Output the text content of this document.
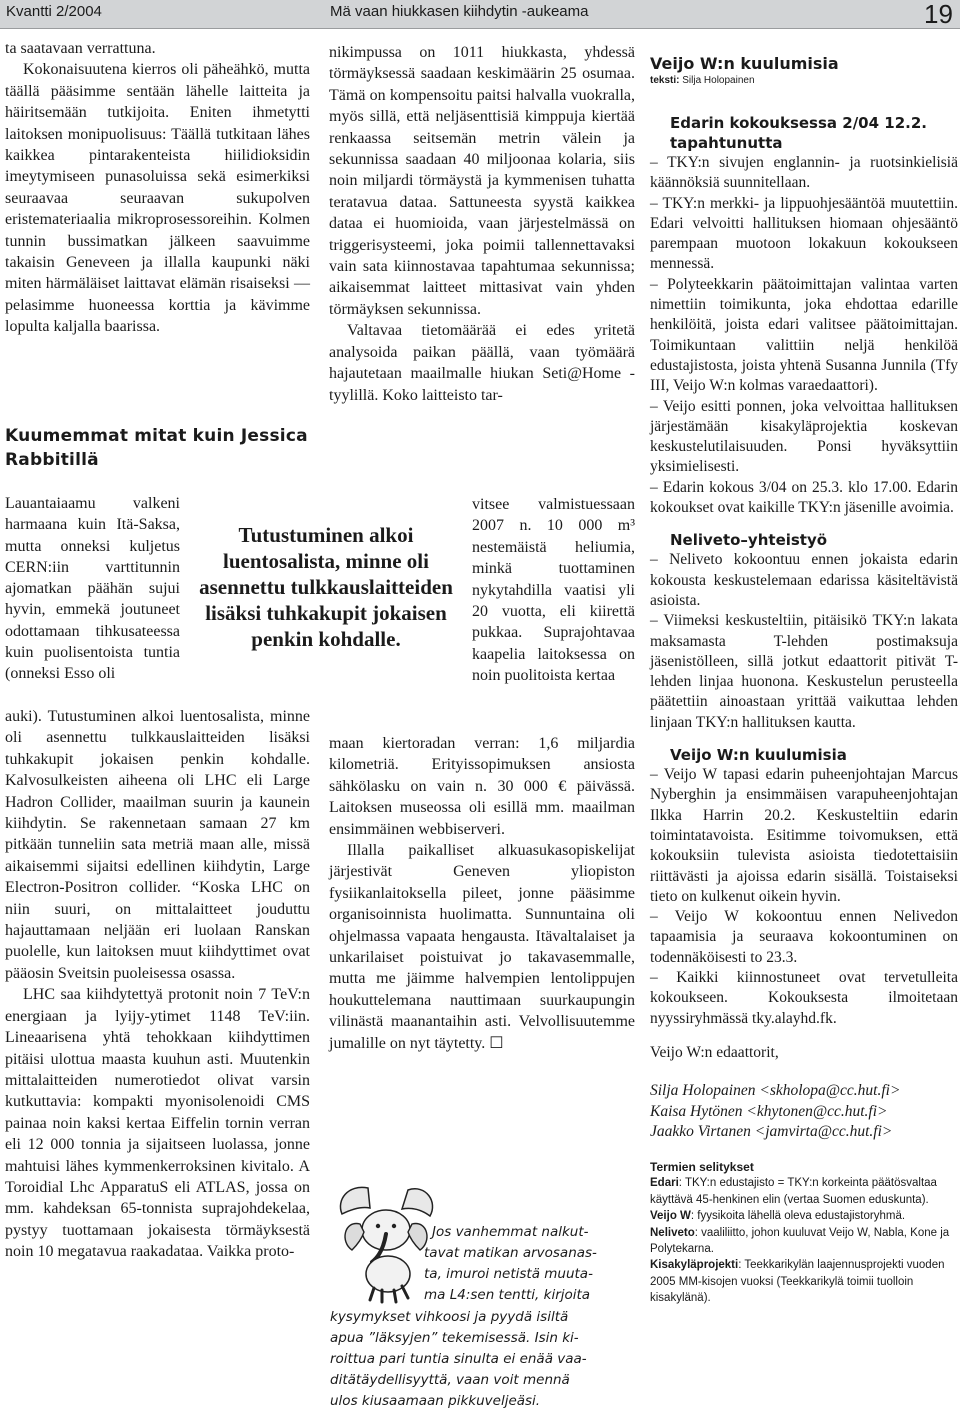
Kvantti 2/2004	Mä vaan hiukkasen kiihdytin -aukeama	19

ta saatavaan verrattuna.

Kokonaisuutena kierros oli päheähkö, mutta täällä pääsimme sentään lähelle laitteita ja häiritsemään tutkijoita. Eniten ihmetytti laitoksen monipuolisuus: Täällä tutkitaan lähes kaikkea pintarakenteista hiilidioksidin imeytymiseen punasoluissa sekä esimerkiksi seuraavaa seuraavan sukupolven eristemateriaalia mikroprosessoreihin. Kolmen tunnin bussimatkan jälkeen saavuimme takaisin Geneveen ja illalla kaupunki näki miten härmäläiset laittavat elämän risaiseksi — pelasimme huoneessa korttia ja kävimme lopulta kaljalla baarissa.

Kuumemmat mitat kuin Jessica Rabbitillä

Lauantaiaamu valkeni harmaana kuin Itä-Saksa, mutta onneksi kuljetus CERN:iin varttitunnin ajomatkan päähän sujui hyvin, emmekä joutuneet odottamaan tihkusateessa kuin puolisentoista tuntia (onneksi Esso oli

auki). Tutustuminen alkoi luentosalista, minne oli asennettu tulkkauslaitteiden lisäksi tuhkakupit jokaisen penkin kohdalle. Kalvosulkeisten aiheena oli LHC eli Large Hadron Collider, maailman suurin ja kaunein kiihdytin. Se rakennetaan samaan 27 km pitkään tunneliin sata metriä maan alle, missä aikaisemmi sijaitsi edellinen kiihdytin, Large Electron-Positron collider. “Koska LHC on niin suuri, on mittalaitteet jouduttu hajauttamaan neljään eri luolaan Ranskan puolelle, kun laitoksen muut kiihdyttimet ovat pääosin Sveitsin puoleisessa osassa.

LHC saa kiihdytettyä protonit noin 7 TeV:n energiaan ja lyijy-ytimet 1148 TeV:iin. Lineaarisena yhtä tehokkaan kiihdyttimen pitäisi ulottua maasta kuuhun asti. Muutenkin mittalaitteiden numerotiedot olivat varsin kutkuttavia: kompakti myonisolenoidi CMS painaa noin kaksi kertaa Eiffelin tornin verran eli 12 000 tonnia ja sijaitseen luolassa, jonne mahtuisi lähes kymmenkerroksinen kivitalo. A Toroidial Lhc ApparatuS eli ATLAS, jossa on mm. kahdeksan 65-tonnista suprajohdekelaa, pystyy tuottamaan jokaisesta törmäyksestä noin 10 megatavua raakadataa. Vaikka proto-

Tutustuminen alkoi luentosalista, minne oli asennettu tulkkauslaitteiden lisäksi tuhkakupit jokaisen penkin kohdalle.

nikimpussa on 1011 hiukkasta, yhdessä törmäyksessä saadaan keskimäärin 25 osumaa. Tämä on kompensoitu paitsi halvalla vuokralla, myös sillä, että neljäsenttisiä kimppuja kiertää renkaassa seitsemän metrin välein ja sekunnissa saadaan 40 miljoonaa kolaria, siis noin miljardi törmäystä ja kymmenisen tuhatta teratavua dataa. Sattuneesta syystä kaikkea dataa ei huomioida, vaan järjestelmässä on triggerisysteemi, joka poimii tallennettavaksi vain sata kiinnostavaa tapahtumaa sekunnissa; aikaisemmat laitteet mittasivat vain yhden törmäyksen sekunnissa.

Valtavaa tietomäärää ei edes yritetä analysoida paikan päällä, vaan työmäärä hajautetaan maailmalle hiukan Seti@Home -tyylillä. Koko laitteisto tar-

vitsee valmistuessaan 2007 n. 10 000 m³ nestemäistä heliumia, minkä tuottaminen nykytahdilla vaatisi yli 20 vuotta, eli kiirettä pukkaa. Suprajohtavaa kaapelia laitoksessa on noin puolitoista kertaa

maan kiertoradan verran: 1,6 miljardia kilometriä. Erityissopimuksen ansiosta sähkölasku on vain n. 30 000 € päivässä. Laitoksen museossa oli esillä mm. maailman ensimmäinen webbiserveri.

Illalla paikalliset alkuasukasopiskelijat järjestivät Geneven yliopiston fysiikanlaitoksella pileet, jonne pääsimme organisoinnista huolimatta. Sunnuntaina oli ohjelmassa vapaata hengausta. Itävaltalaiset ja unkarilaiset poistuivat jo takavasemmalle, mutta me jäimme halvempien lentolippujen houkuttelemana nauttimaan suurkaupungin vilinästä maanantaihin asti. Velvollisuutemme jumalille on nyt täytetty. ☐

Jos vanhemmat nalkut-
tavat matikan arvosanas-
ta, imuroi netistä muuta-
ma L4:sen tentti, kirjoita
kysymykset vihkoosi ja pyydä isiltä
apua ”läksyjen” tekemisessä. Isin ki-
roittua pari tuntia sinulta ei enää vaa-
ditätäydellisyyttä, vaan voit mennä
ulos kiusaamaan pikkuveljeäsi.
Veijo W:n kuulumisia
teksti: Silja Holopainen
Edarin kokouksessa 2/04 12.2. tapahtunutta

– TKY:n sivujen englannin- ja ruotsinkielisiä käännöksiä suunnitellaan.

– TKY:n merkki- ja lippuohjesääntöä muutettiin. Edari velvoitti hallituksen hiomaan ohjesääntö parempaan muotoon lokakuun kokoukseen mennessä.

– Polyteekkarin päätoimittajan valintaa varten nimettiin toimikunta, joka ehdottaa edarille henkilöitä, joista edari valitsee päätoimittajan. Toimikuntaan valittiin neljä henkilöä edustajistosta, joista yhtenä Susanna Junnila (Tfy III, Veijo W:n kolmas varaedaattori).

– Veijo esitti ponnen, joka velvoittaa hallituksen järjestämään kisakyläprojektia koskevan keskustelutilaisuuden. Ponsi hyväksyttiin yksimielisesti.

– Edarin kokous 3/04 on 25.3. klo 17.00. Edarin kokoukset ovat kaikille TKY:n jäsenille avoimia.

Neliveto–yhteistyö

– Neliveto kokoontuu ennen jokaista edarin kokousta keskustelemaan edarissa käsiteltävistä asioista.

– Viimeksi keskusteltiin, pitäisikö TKY:n lakata maksamasta T-lehden postimaksuja jäsenistölleen, sillä jotkut edaattorit pitivät T-lehden linjaa huonona. Keskustelun perusteella päätettiin ainoastaan yrittää vaikuttaa lehden linjaan TKY:n hallituksen kautta.

Veijo W:n kuulumisia

– Veijo W tapasi edarin puheenjohtajan Marcus Nyberghin ja ensimmäisen varapuheenjohtajan Ilkka Harrin 20.2. Keskusteltiin edarin toimintatavoista. Esitimme toivomuksen, että kokouksiin tulevista asioista tiedotettaisiin riittävästi ja ajoissa edarin sisällä. Toistaiseksi tieto on kulkenut oikein hyvin.

– Veijo W kokoontuu ennen Nelivedon tapaamisia ja seuraava kokoontuminen on todennäköisesti to 23.3.

– Kaikki kiinnostuneet ovat tervetulleita kokoukseen. Kokouksesta ilmoitetaan nyyssiryhmässä tky.alayhd.fk.

Veijo W:n edaattorit,

Silja Holopainen <skholopa@cc.hut.fi>

Kaisa Hytönen <khytonen@cc.hut.fi>

Jaakko Virtanen <jamvirta@cc.hut.fi>

Termien selitykset

Edari: TKY:n edustajisto = TKY:n korkeinta päätösvaltaa käyttävä 45-henkinen elin (vertaa Suomen eduskunta).

Veijo W: fyysikoita lähellä oleva edustajistoryhmä.

Neliveto: vaaliliitto, johon kuuluvat Veijo W, Nabla, Kone ja Polytekarna.

Kisakyläprojekti: Teekkarikylän laajennusprojekti vuoden 2005 MM-kisojen vuoksi (Teekkarikylä toimii tuolloin kisakylänä).
